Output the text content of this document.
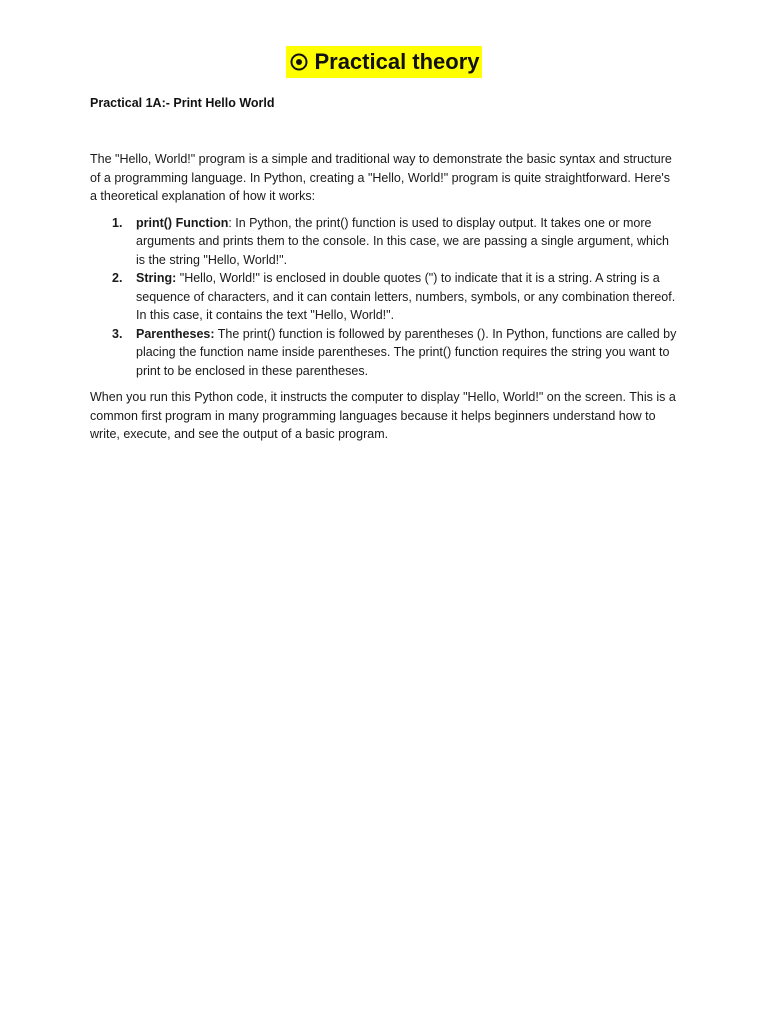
Practical theory
Practical 1A:- Print Hello World

The "Hello, World!" program is a simple and traditional way to demonstrate the basic syntax and structure of a programming language. In Python, creating a "Hello, World!" program is quite straightforward. Here's a theoretical explanation of how it works:

1. print() Function: In Python, the print() function is used to display output. It takes one or more arguments and prints them to the console. In this case, we are passing a single argument, which is the string "Hello, World!".
2. String: "Hello, World!" is enclosed in double quotes (") to indicate that it is a string. A string is a sequence of characters, and it can contain letters, numbers, symbols, or any combination thereof. In this case, it contains the text "Hello, World!".
3. Parentheses: The print() function is followed by parentheses (). In Python, functions are called by placing the function name inside parentheses. The print() function requires the string you want to print to be enclosed in these parentheses.

When you run this Python code, it instructs the computer to display "Hello, World!" on the screen. This is a common first program in many programming languages because it helps beginners understand how to write, execute, and see the output of a basic program.
